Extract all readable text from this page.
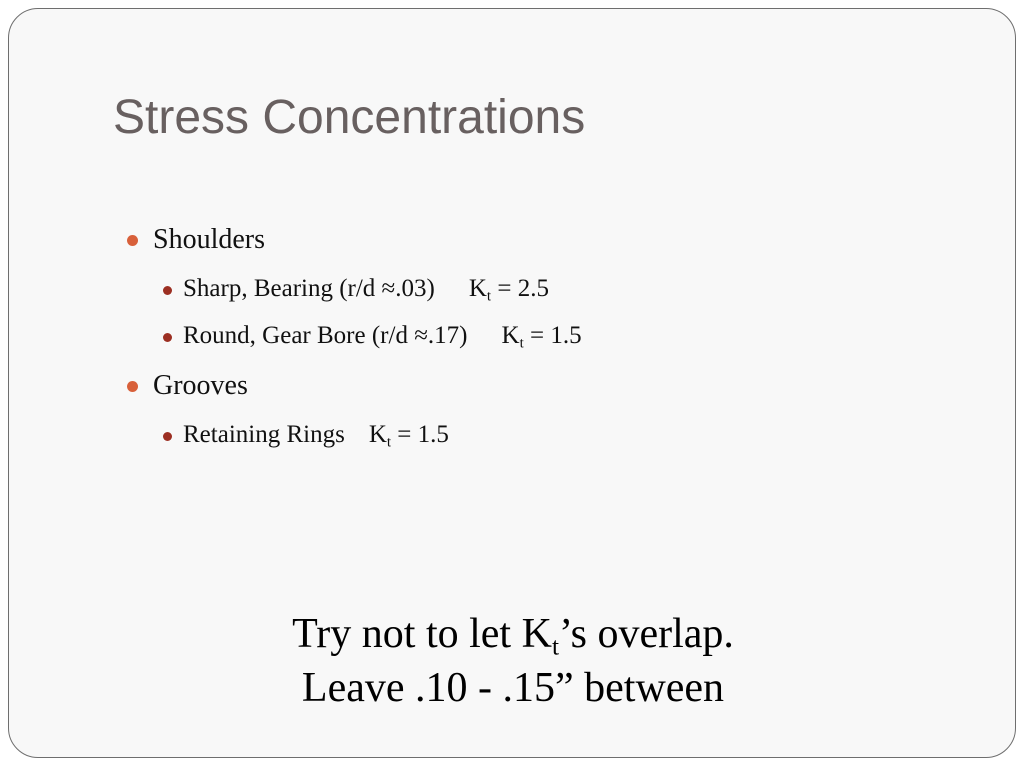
Stress Concentrations
Shoulders
Sharp, Bearing (r/d ≈.03) $K_t = 2.5$
Round, Gear Bore (r/d ≈.17) $K_t = 1.5$
Grooves
Retaining Rings $K_t = 1.5$
Try not to let $K_t’s$ overlap.
Leave .10 - .15” between
